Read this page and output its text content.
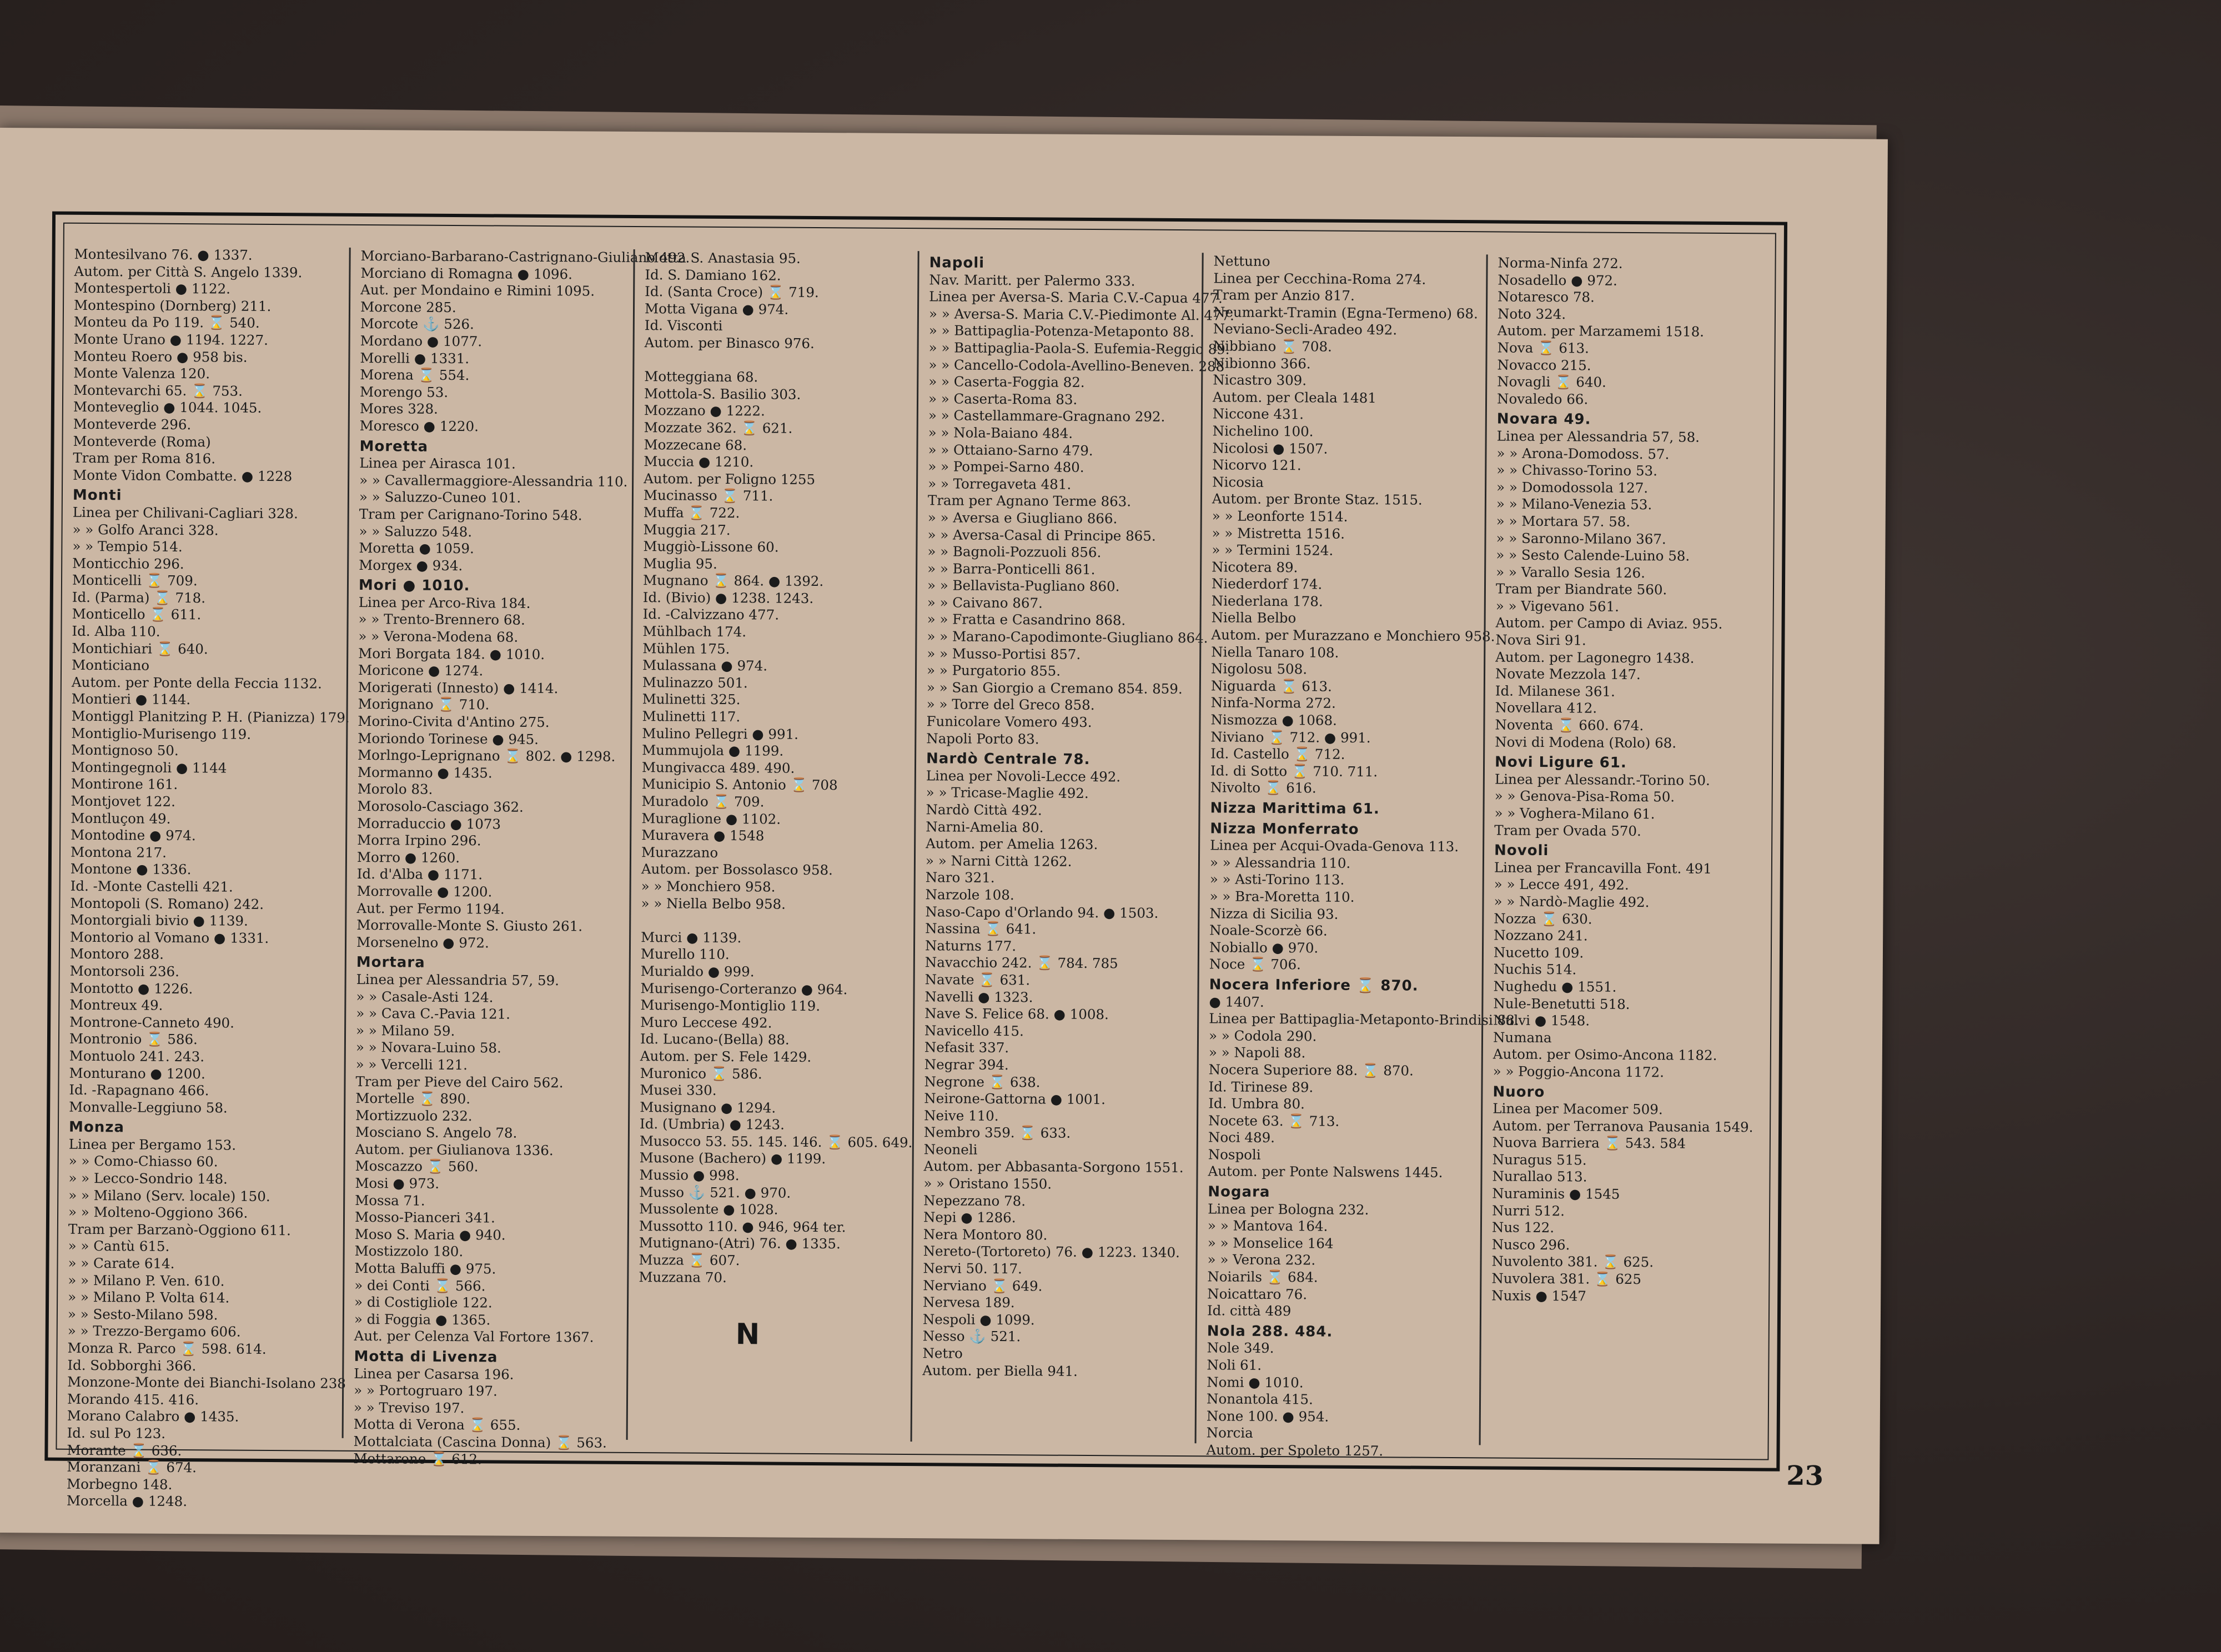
Montesilvano 76. ● 1337.
Autom. per Città S. Angelo 1339.
Montespertoli ● 1122.
Montespino (Dornberg) 211.
Monteu da Po 119. ⌛ 540.
Monte Urano ● 1194. 1227.
Monteu Roero ● 958 bis.
Monte Valenza 120.
Montevarchi 65. ⌛ 753.
Monteveglio ● 1044. 1045.
Monteverde 296.
Monteverde (Roma)
Tram per Roma 816.
Monte Vidon Combatte. ● 1228
Monti
Linea per Chilivani-Cagliari 328.
» » Golfo Aranci 328.
» » Tempio 514.
Monticchio 296.
Monticelli ⌛ 709.
Id. (Parma) ⌛ 718.
Monticello ⌛ 611.
Id. Alba 110.
Montichiari ⌛ 640.
Monticiano
Autom. per Ponte della Feccia 1132.
Montieri ● 1144.
Montiggl Planitzing P. H. (Pianizza) 179.
Montiglio-Murisengo 119.
Montignoso 50.
Montingegnoli ● 1144
Montirone 161.
Montjovet 122.
Montluçon 49.
Montodine ● 974.
Montona 217.
Montone ● 1336.
Id. -Monte Castelli 421.
Montopoli (S. Romano) 242.
Montorgiali bivio ● 1139.
Montorio al Vomano ● 1331.
Montoro 288.
Montorsoli 236.
Montotto ● 1226.
Montreux 49.
Montrone-Canneto 490.
Montronio ⌛ 586.
Montuolo 241. 243.
Monturano ● 1200.
Id. -Rapagnano 466.
Monvalle-Leggiuno 58.
Monza
Linea per Bergamo 153.
» » Como-Chiasso 60.
» » Lecco-Sondrio 148.
» » Milano (Serv. locale) 150.
» » Molteno-Oggiono 366.
Tram per Barzanò-Oggiono 611.
» » Cantù 615.
» » Carate 614.
» » Milano P. Ven. 610.
» » Milano P. Volta 614.
» » Sesto-Milano 598.
» » Trezzo-Bergamo 606.
Monza R. Parco ⌛ 598. 614.
Id. Sobborghi 366.
Monzone-Monte dei Bianchi-Isolano 238
Morando 415. 416.
Morano Calabro ● 1435.
Id. sul Po 123.
Morante ⌛ 636.
Moranzani ⌛ 674.
Morbegno 148.
Morcella ● 1248.
Morciano-Barbarano-Castrignano-Giuliano 492.
Morciano di Romagna ● 1096.
Aut. per Mondaino e Rimini 1095.
Morcone 285.
Morcote ⚓ 526.
Mordano ● 1077.
Morelli ● 1331.
Morena ⌛ 554.
Morengo 53.
Mores 328.
Moresco ● 1220.
Moretta
Linea per Airasca 101.
» » Cavallermaggiore-Alessandria 110.
» » Saluzzo-Cuneo 101.
Tram per Carignano-Torino 548.
» » Saluzzo 548.
Moretta ● 1059.
Morgex ● 934.
Mori ● 1010.
Linea per Arco-Riva 184.
» » Trento-Brennero 68.
» » Verona-Modena 68.
Mori Borgata 184. ● 1010.
Moricone ● 1274.
Morigerati (Innesto) ● 1414.
Morignano ⌛ 710.
Morino-Civita d'Antino 275.
Moriondo Torinese ● 945.
Morlngo-Leprignano ⌛ 802. ● 1298.
Mormanno ● 1435.
Morolo 83.
Morosolo-Casciago 362.
Morraduccio ● 1073
Morra Irpino 296.
Morro ● 1260.
Id. d'Alba ● 1171.
Morrovalle ● 1200.
Aut. per Fermo 1194.
Morrovalle-Monte S. Giusto 261.
Morsenelno ● 972.
Mortara
Linea per Alessandria 57, 59.
» » Casale-Asti 124.
» » Cava C.-Pavia 121.
» » Milano 59.
» » Novara-Luino 58.
» » Vercelli 121.
Tram per Pieve del Cairo 562.
Mortelle ⌛ 890.
Mortizzuolo 232.
Mosciano S. Angelo 78.
Autom. per Giulianova 1336.
Moscazzo ⌛ 560.
Mosi ● 973.
Mossa 71.
Mosso-Pianceri 341.
Moso S. Maria ● 940.
Mostizzolo 180.
Motta Baluffi ● 975.
» dei Conti ⌛ 566.
» di Costigliole 122.
» di Foggia ● 1365.
Aut. per Celenza Val Fortore 1367.
Motta di Livenza
Linea per Casarsa 196.
» » Portogruaro 197.
» » Treviso 197.
Motta di Verona ⌛ 655.
Mottalciata (Cascina Donna) ⌛ 563.
Mottarone ⌛ 612.
Motta S. Anastasia 95.
Id. S. Damiano 162.
Id. (Santa Croce) ⌛ 719.
Motta Vigana ● 974.
Id. Visconti
Autom. per Binasco 976.
Motteggiana 68.
Mottola-S. Basilio 303.
Mozzano ● 1222.
Mozzate 362. ⌛ 621.
Mozzecane 68.
Muccia ● 1210.
Autom. per Foligno 1255
Mucinasso ⌛ 711.
Muffa ⌛ 722.
Muggia 217.
Muggiò-Lissone 60.
Muglia 95.
Mugnano ⌛ 864. ● 1392.
Id. (Bivio) ● 1238. 1243.
Id. -Calvizzano 477.
Mühlbach 174.
Mühlen 175.
Mulassana ● 974.
Mulinazzo 501.
Mulinetti 325.
Mulinetti 117.
Mulino Pellegri ● 991.
Mummujola ● 1199.
Mungivacca 489. 490.
Municipio S. Antonio ⌛ 708
Muradolo ⌛ 709.
Muraglione ● 1102.
Muravera ● 1548
Murazzano
Autom. per Bossolasco 958.
» » Monchiero 958.
» » Niella Belbo 958.
Murci ● 1139.
Murello 110.
Murialdo ● 999.
Murisengo-Corteranzo ● 964.
Murisengo-Montiglio 119.
Muro Leccese 492.
Id. Lucano-(Bella) 88.
Autom. per S. Fele 1429.
Muronico ⌛ 586.
Musei 330.
Musignano ● 1294.
Id. (Umbria) ● 1243.
Musocco 53. 55. 145. 146. ⌛ 605. 649.
Musone (Bachero) ● 1199.
Mussio ● 998.
Musso ⚓ 521. ● 970.
Mussolente ● 1028.
Mussotto 110. ● 946, 964 ter.
Mutignano-(Atri) 76. ● 1335.
Muzza ⌛ 607.
Muzzana 70.
Napoli
Nav. Maritt. per Palermo 333.
Linea per Aversa-S. Maria C.V.-Capua 477.
» » Aversa-S. Maria C.V.-Piedimonte Al. 477.
» » Battipaglia-Potenza-Metaponto 88.
» » Battipaglia-Paola-S. Eufemia-Reggio 89.
» » Cancello-Codola-Avellino-Beneven. 288
» » Caserta-Foggia 82.
» » Caserta-Roma 83.
» » Castellammare-Gragnano 292.
» » Nola-Baiano 484.
» » Ottaiano-Sarno 479.
» » Pompei-Sarno 480.
» » Torregaveta 481.
Tram per Agnano Terme 863.
» » Aversa e Giugliano 866.
» » Aversa-Casal di Principe 865.
» » Bagnoli-Pozzuoli 856.
» » Barra-Ponticelli 861.
» » Bellavista-Pugliano 860.
» » Caivano 867.
» » Fratta e Casandrino 868.
» » Marano-Capodimonte-Giugliano 864.
» » Musso-Portisi 857.
» » Purgatorio 855.
» » San Giorgio a Cremano 854. 859.
» » Torre del Greco 858.
Funicolare Vomero 493.
Napoli Porto 83.
Nardò Centrale 78.
Linea per Novoli-Lecce 492.
» » Tricase-Maglie 492.
Nardò Città 492.
Narni-Amelia 80.
Autom. per Amelia 1263.
» » Narni Città 1262.
Naro 321.
Narzole 108.
Naso-Capo d'Orlando 94. ● 1503.
Nassina ⌛ 641.
Naturns 177.
Navacchio 242. ⌛ 784. 785
Navate ⌛ 631.
Navelli ● 1323.
Nave S. Felice 68. ● 1008.
Navicello 415.
Nefasit 337.
Negrar 394.
Negrone ⌛ 638.
Neirone-Gattorna ● 1001.
Neive 110.
Nembro 359. ⌛ 633.
Neoneli
Autom. per Abbasanta-Sorgono 1551.
» » Oristano 1550.
Nepezzano 78.
Nepi ● 1286.
Nera Montoro 80.
Nereto-(Tortoreto) 76. ● 1223. 1340.
Nervi 50. 117.
Nerviano ⌛ 649.
Nervesa 189.
Nespoli ● 1099.
Nesso ⚓ 521.
Netro
Autom. per Biella 941.
Nettuno
Linea per Cecchina-Roma 274.
Tram per Anzio 817.
Neumarkt-Tramin (Egna-Termeno) 68.
Neviano-Secli-Aradeo 492.
Nibbiano ⌛ 708.
Nibionno 366.
Nicastro 309.
Autom. per Cleala 1481
Niccone 431.
Nichelino 100.
Nicolosi ● 1507.
Nicorvo 121.
Nicosia
Autom. per Bronte Staz. 1515.
» » Leonforte 1514.
» » Mistretta 1516.
» » Termini 1524.
Nicotera 89.
Niederdorf 174.
Niederlana 178.
Niella Belbo
Autom. per Murazzano e Monchiero 958.
Niella Tanaro 108.
Nigolosu 508.
Niguarda ⌛ 613.
Ninfa-Norma 272.
Nismozza ● 1068.
Niviano ⌛ 712. ● 991.
Id. Castello ⌛ 712.
Id. di Sotto ⌛ 710. 711.
Nivolto ⌛ 616.
Nizza Marittima 61.
Nizza Monferrato
Linea per Acqui-Ovada-Genova 113.
» » Alessandria 110.
» » Asti-Torino 113.
» » Bra-Moretta 110.
Nizza di Sicilia 93.
Noale-Scorzè 66.
Nobiallo ● 970.
Noce ⌛ 706.
Nocera Inferiore ⌛ 870.
● 1407.
Linea per Battipaglia-Metaponto-Brindisi 88.
» » Codola 290.
» » Napoli 88.
Nocera Superiore 88. ⌛ 870.
Id. Tirinese 89.
Id. Umbra 80.
Nocete 63. ⌛ 713.
Noci 489.
Nospoli
Autom. per Ponte Nalswens 1445.
Nogara
Linea per Bologna 232.
» » Mantova 164.
» » Monselice 164
» » Verona 232.
Noiarils ⌛ 684.
Noicattaro 76.
Id. città 489
Nola 288. 484.
Nole 349.
Noli 61.
Nomi ● 1010.
Nonantola 415.
None 100. ● 954.
Norcia
Autom. per Spoleto 1257.
Norma-Ninfa 272.
Nosadello ● 972.
Notaresco 78.
Noto 324.
Autom. per Marzamemi 1518.
Nova ⌛ 613.
Novacco 215.
Novagli ⌛ 640.
Novaledo 66.
Novara 49.
Linea per Alessandria 57, 58.
» » Arona-Domodoss. 57.
» » Chivasso-Torino 53.
» » Domodossola 127.
» » Milano-Venezia 53.
» » Mortara 57. 58.
» » Saronno-Milano 367.
» » Sesto Calende-Luino 58.
» » Varallo Sesia 126.
Tram per Biandrate 560.
» » Vigevano 561.
Autom. per Campo di Aviaz. 955.
Nova Siri 91.
Autom. per Lagonegro 1438.
Novate Mezzola 147.
Id. Milanese 361.
Novellara 412.
Noventa ⌛ 660. 674.
Novi di Modena (Rolo) 68.
Novi Ligure 61.
Linea per Alessandr.-Torino 50.
» » Genova-Pisa-Roma 50.
» » Voghera-Milano 61.
Tram per Ovada 570.
Novoli
Linea per Francavilla Font. 491
» » Lecce 491, 492.
» » Nardò-Maglie 492.
Nozza ⌛ 630.
Nozzano 241.
Nucetto 109.
Nuchis 514.
Nughedu ● 1551.
Nule-Benetutti 518.
Nulvi ● 1548.
Numana
Autom. per Osimo-Ancona 1182.
» » Poggio-Ancona 1172.
Nuoro
Linea per Macomer 509.
Autom. per Terranova Pausania 1549.
Nuova Barriera ⌛ 543. 584
Nuragus 515.
Nurallao 513.
Nuraminis ● 1545
Nurri 512.
Nus 122.
Nusco 296.
Nuvolento 381. ⌛ 625.
Nuvolera 381. ⌛ 625
Nuxis ● 1547
N
23
